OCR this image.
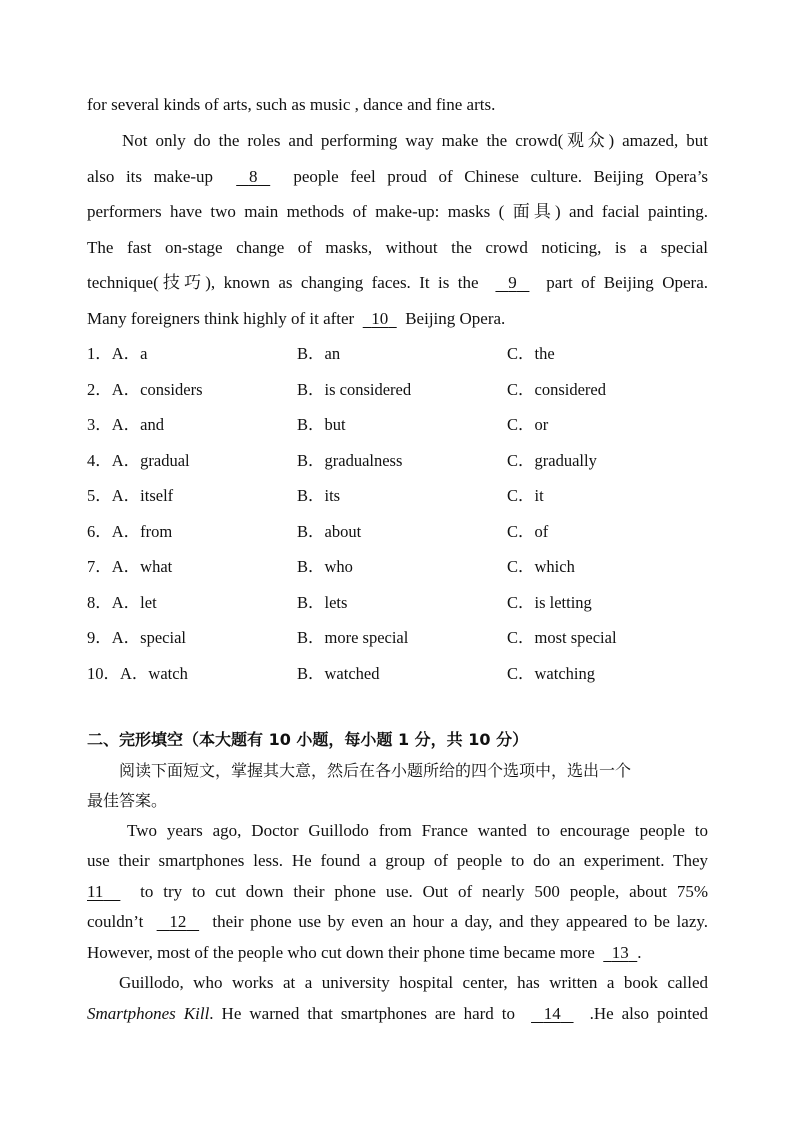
for several kinds of arts, such as music , dance and fine arts.
Not only do the roles and performing way make the crowd(观众) amazed, but
also its make-up 8 people feel proud of Chinese culture. Beijing Opera’s
performers have two main methods of make-up: masks ( 面具) and facial painting.
The fast on-stage change of masks, without the crowd noticing, is a special
technique(技巧), known as changing faces. It is the 9 part of Beijing Opera.
Many foreigners think highly of it after 10 Beijing Opera.
1．A．a	B．an	C．the
2．A．considers	B．is considered	C．considered
3．A．and	B．but	C．or
4．A．gradual	B．gradualness	C．gradually
5．A．itself	B．its	C．it
6．A．from	B．about	C．of
7．A．what	B．who	C．which
8．A．let	B．lets	C．is letting
9．A．special	B．more special	C．most special
10．A．watch	B．watched	C．watching
二、完形填空（本大题有 10 小题，每小题 1 分，共 10 分）
阅读下面短文，掌握其大意，然后在各小题所给的四个选项中，选出一个
最佳答案。
Two years ago, Doctor Guillodo from France wanted to encourage people to
use their smartphones less. He found a group of people to do an experiment. They
11 to try to cut down their phone use. Out of nearly 500 people, about 75%
couldn’t 12 their phone use by even an hour a day, and they appeared to be lazy.
However, most of the people who cut down their phone time became more 13 .
Guillodo, who works at a university hospital center, has written a book called
Smartphones Kill. He warned that smartphones are hard to 14 .He also pointed
